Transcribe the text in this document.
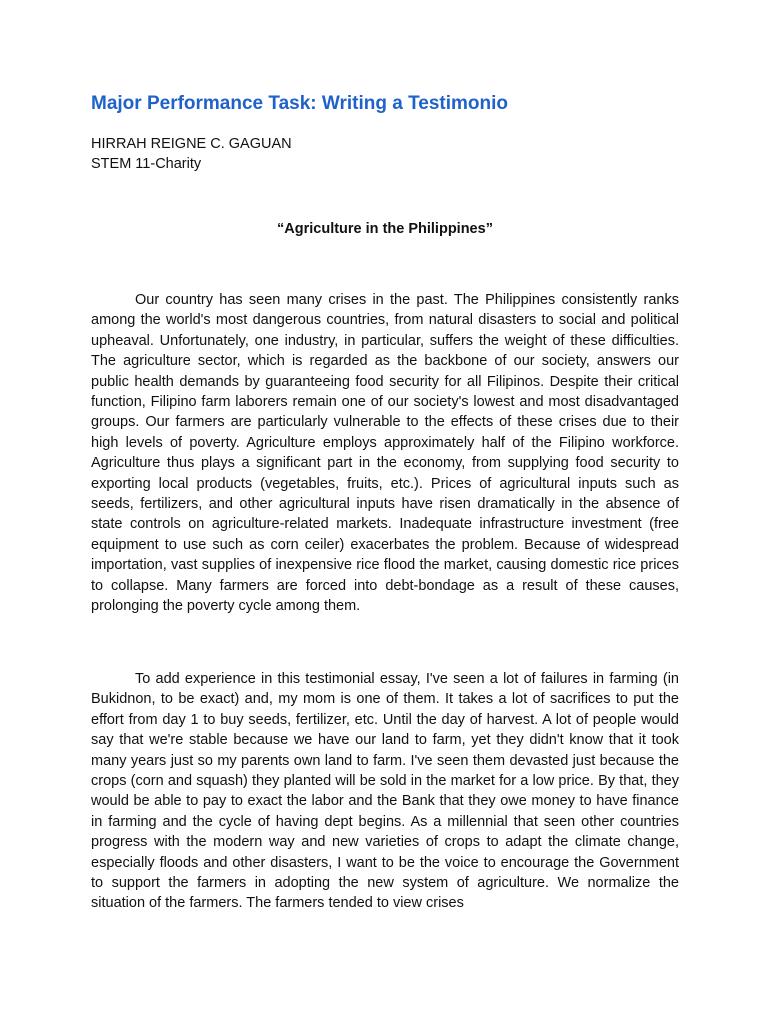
Major Performance Task: Writing a Testimonio
HIRRAH REIGNE C. GAGUAN
STEM 11-Charity
“Agriculture in the Philippines”

Our country has seen many crises in the past. The Philippines consistently ranks among the world's most dangerous countries, from natural disasters to social and political upheaval. Unfortunately, one industry, in particular, suffers the weight of these difficulties. The agriculture sector, which is regarded as the backbone of our society, answers our public health demands by guaranteeing food security for all Filipinos. Despite their critical function, Filipino farm laborers remain one of our society's lowest and most disadvantaged groups. Our farmers are particularly vulnerable to the effects of these crises due to their high levels of poverty. Agriculture employs approximately half of the Filipino workforce. Agriculture thus plays a significant part in the economy, from supplying food security to exporting local products (vegetables, fruits, etc.). Prices of agricultural inputs such as seeds, fertilizers, and other agricultural inputs have risen dramatically in the absence of state controls on agriculture-related markets. Inadequate infrastructure investment (free equipment to use such as corn ceiler) exacerbates the problem. Because of widespread importation, vast supplies of inexpensive rice flood the market, causing domestic rice prices to collapse. Many farmers are forced into debt-bondage as a result of these causes, prolonging the poverty cycle among them.

To add experience in this testimonial essay, I've seen a lot of failures in farming (in Bukidnon, to be exact) and, my mom is one of them. It takes a lot of sacrifices to put the effort from day 1 to buy seeds, fertilizer, etc. Until the day of harvest. A lot of people would say that we're stable because we have our land to farm, yet they didn't know that it took many years just so my parents own land to farm. I've seen them devasted just because the crops (corn and squash) they planted will be sold in the market for a low price. By that, they would be able to pay to exact the labor and the Bank that they owe money to have finance in farming and the cycle of having dept begins. As a millennial that seen other countries progress with the modern way and new varieties of crops to adapt the climate change, especially floods and other disasters, I want to be the voice to encourage the Government to support the farmers in adopting the new system of agriculture. We normalize the situation of the farmers. The farmers tended to view crises
